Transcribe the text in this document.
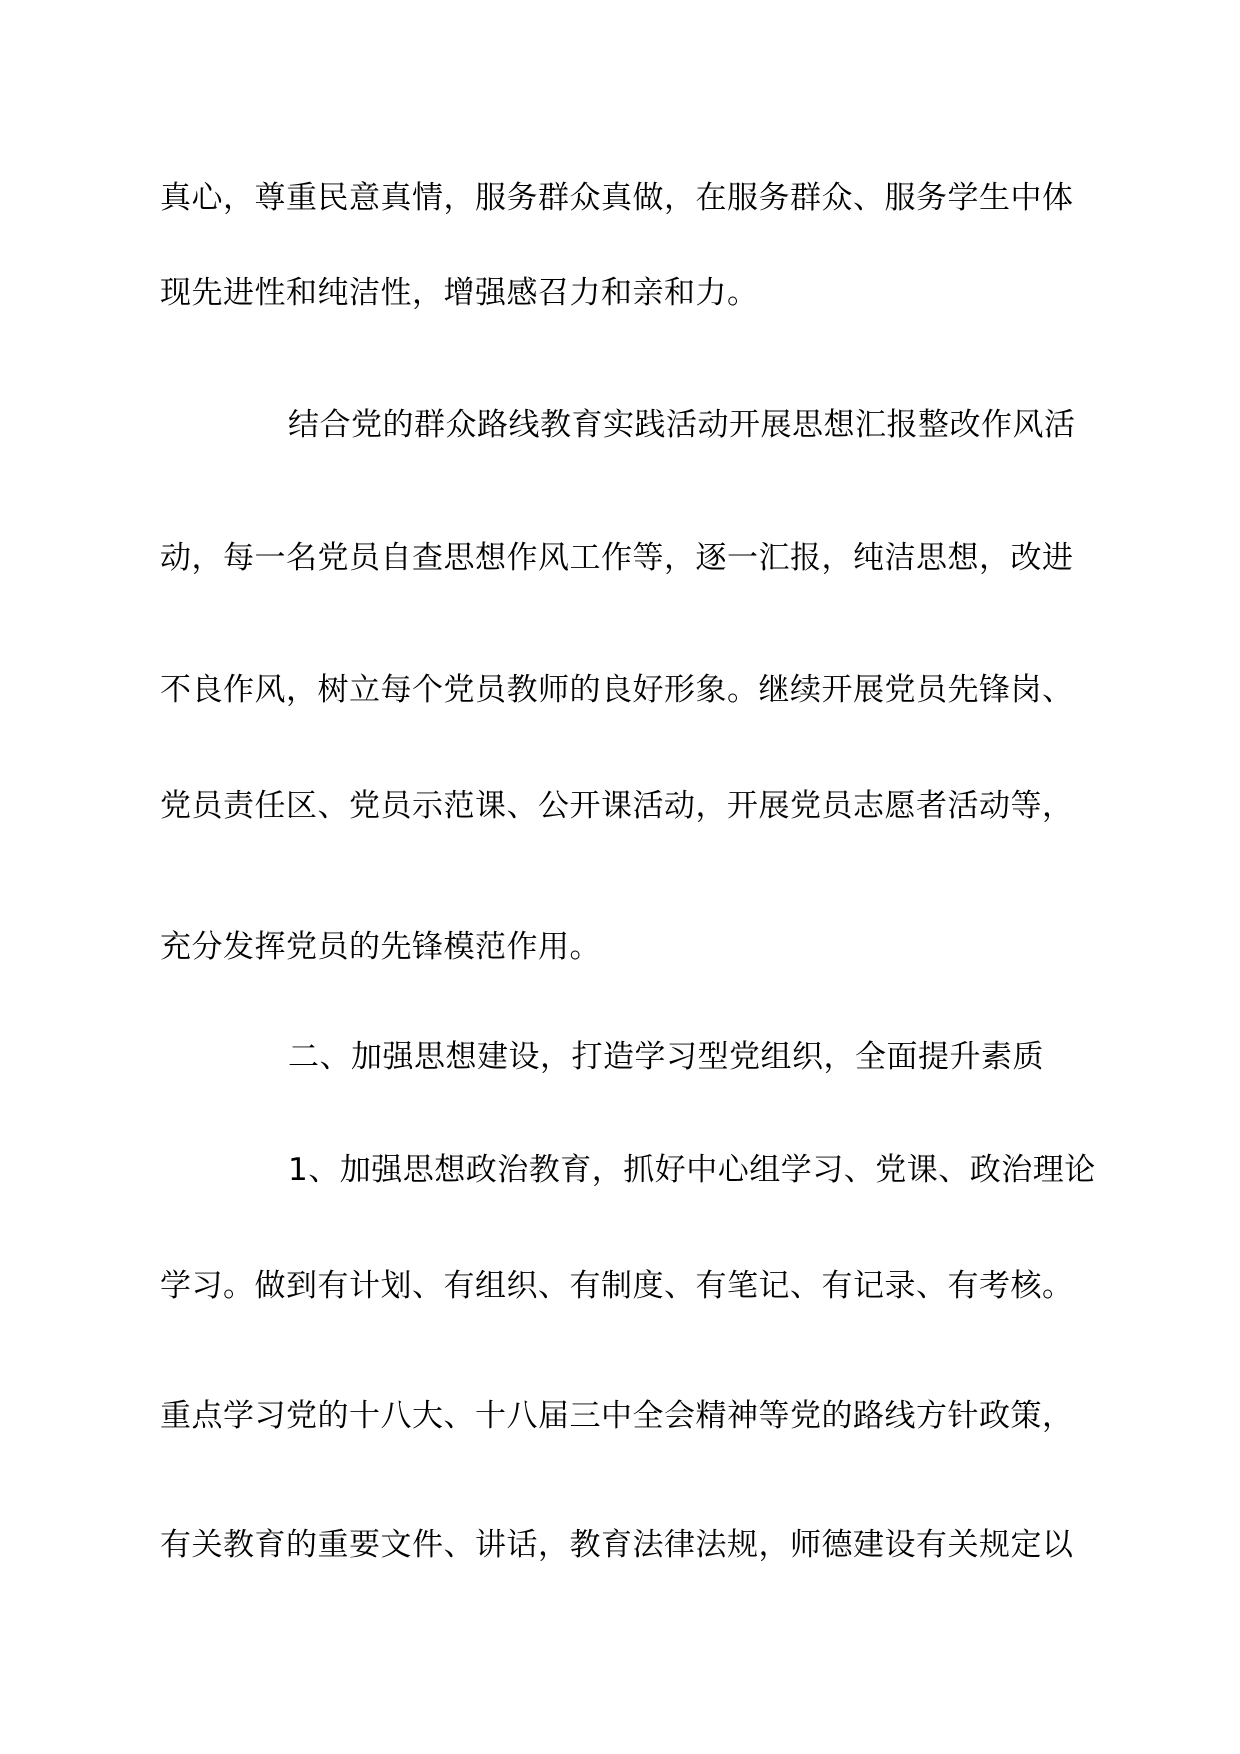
真心，尊重民意真情，服务群众真做，在服务群众、服务学生中体
现先进性和纯洁性，增强感召力和亲和力。
结合党的群众路线教育实践活动开展思想汇报整改作风活
动，每一名党员自查思想作风工作等，逐一汇报，纯洁思想，改进
不良作风，树立每个党员教师的良好形象。继续开展党员先锋岗、
党员责任区、党员示范课、公开课活动，开展党员志愿者活动等，
充分发挥党员的先锋模范作用。
二、加强思想建设，打造学习型党组织，全面提升素质
1、加强思想政治教育，抓好中心组学习、党课、政治理论
学习。做到有计划、有组织、有制度、有笔记、有记录、有考核。
重点学习党的十八大、十八届三中全会精神等党的路线方针政策，
有关教育的重要文件、讲话，教育法律法规，师德建设有关规定以
